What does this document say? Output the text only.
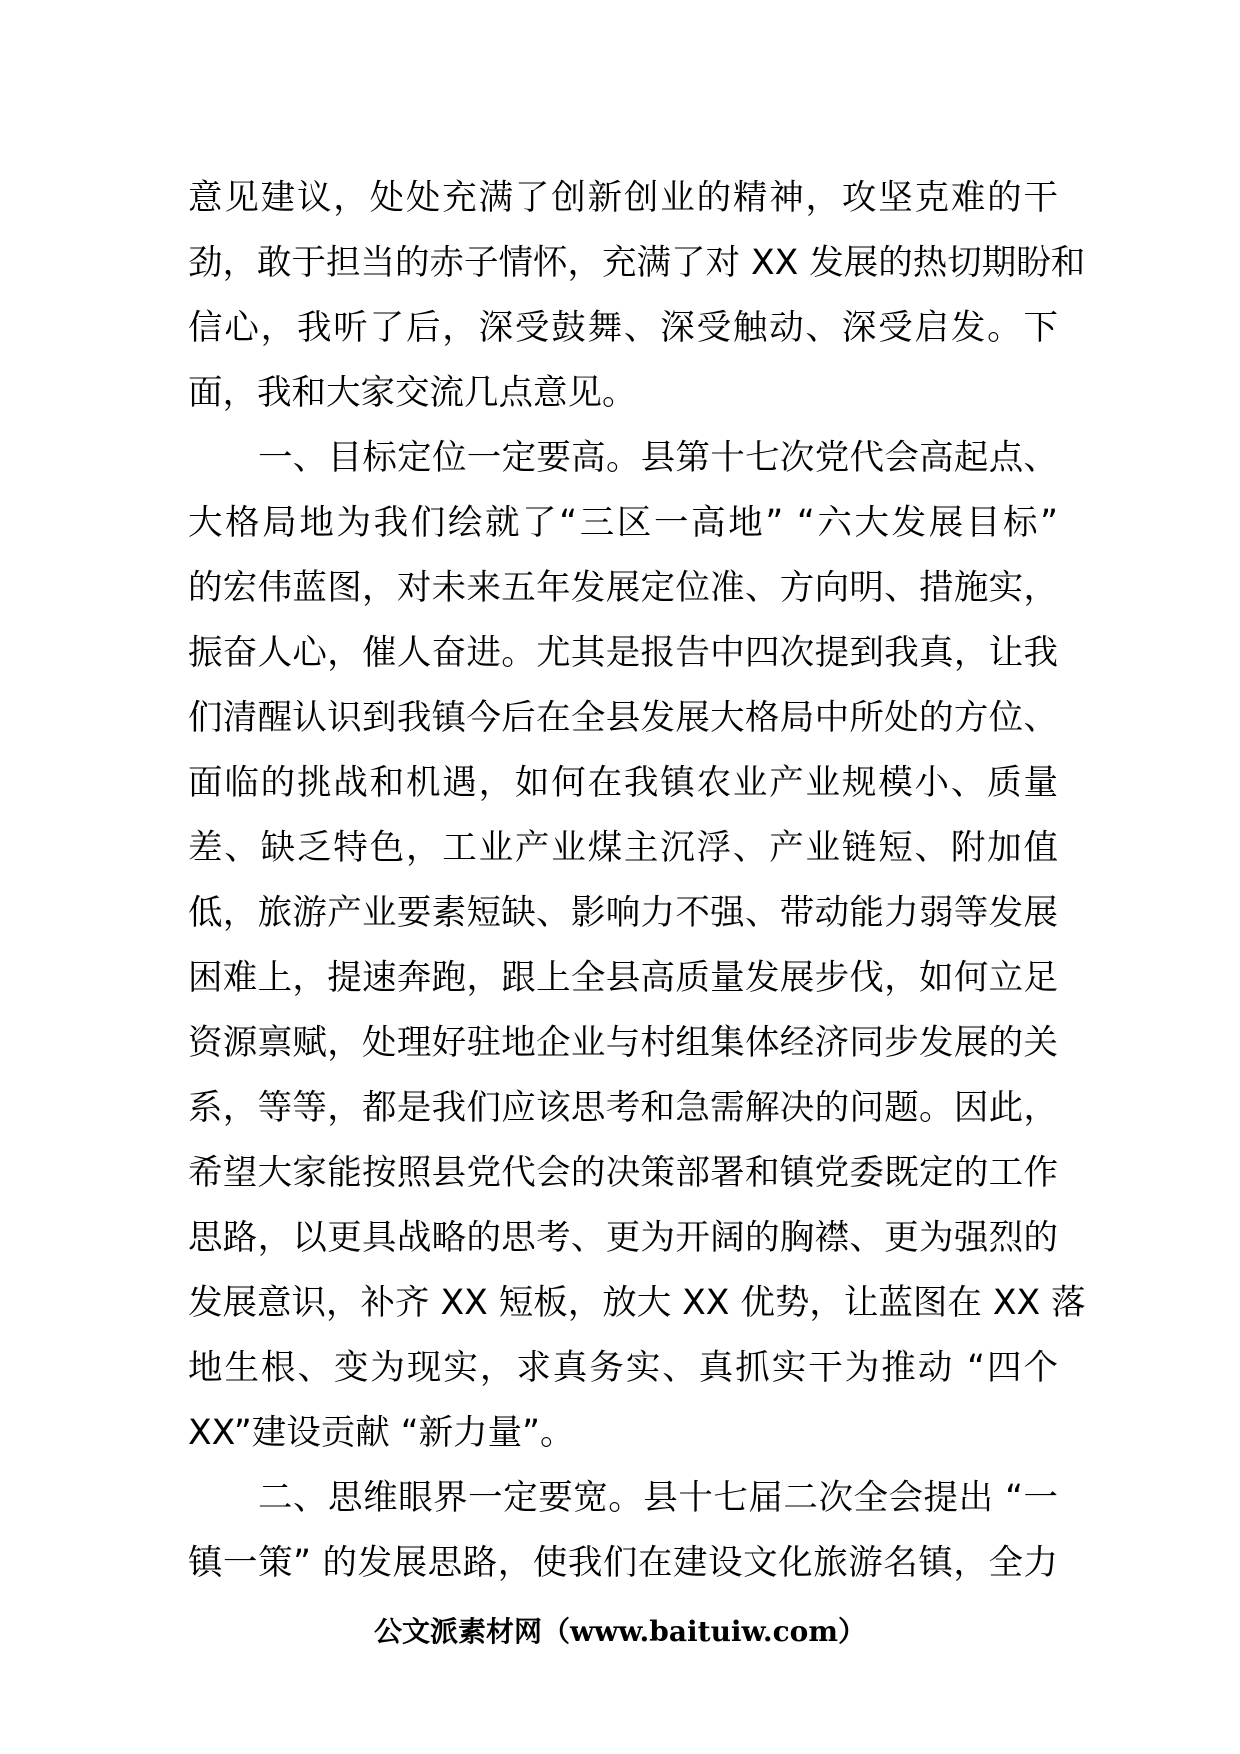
意见建议，处处充满了创新创业的精神，攻坚克难的干
劲，敢于担当的赤子情怀，充满了对 XX 发展的热切期盼和
信心，我听了后，深受鼓舞、深受触动、深受启发。下
面，我和大家交流几点意见。
一、目标定位一定要高。县第十七次党代会高起点、
大格局地为我们绘就了“三区一高地” “六大发展目标”
的宏伟蓝图，对未来五年发展定位准、方向明、措施实，
振奋人心，催人奋进。尤其是报告中四次提到我真，让我
们清醒认识到我镇今后在全县发展大格局中所处的方位、
面临的挑战和机遇，如何在我镇农业产业规模小、质量
差、缺乏特色，工业产业煤主沉浮、产业链短、附加值
低，旅游产业要素短缺、影响力不强、带动能力弱等发展
困难上，提速奔跑，跟上全县高质量发展步伐，如何立足
资源禀赋，处理好驻地企业与村组集体经济同步发展的关
系，等等，都是我们应该思考和急需解决的问题。因此，
希望大家能按照县党代会的决策部署和镇党委既定的工作
思路，以更具战略的思考、更为开阔的胸襟、更为强烈的
发展意识，补齐 XX 短板，放大 XX 优势，让蓝图在 XX 落
地生根、变为现实，求真务实、真抓实干为推动 “四个
XX”建设贡献 “新力量”。
二、思维眼界一定要宽。县十七届二次全会提出 “一
镇一策” 的发展思路，使我们在建设文化旅游名镇，全力
公文派素材网（www.baituiw.com）
